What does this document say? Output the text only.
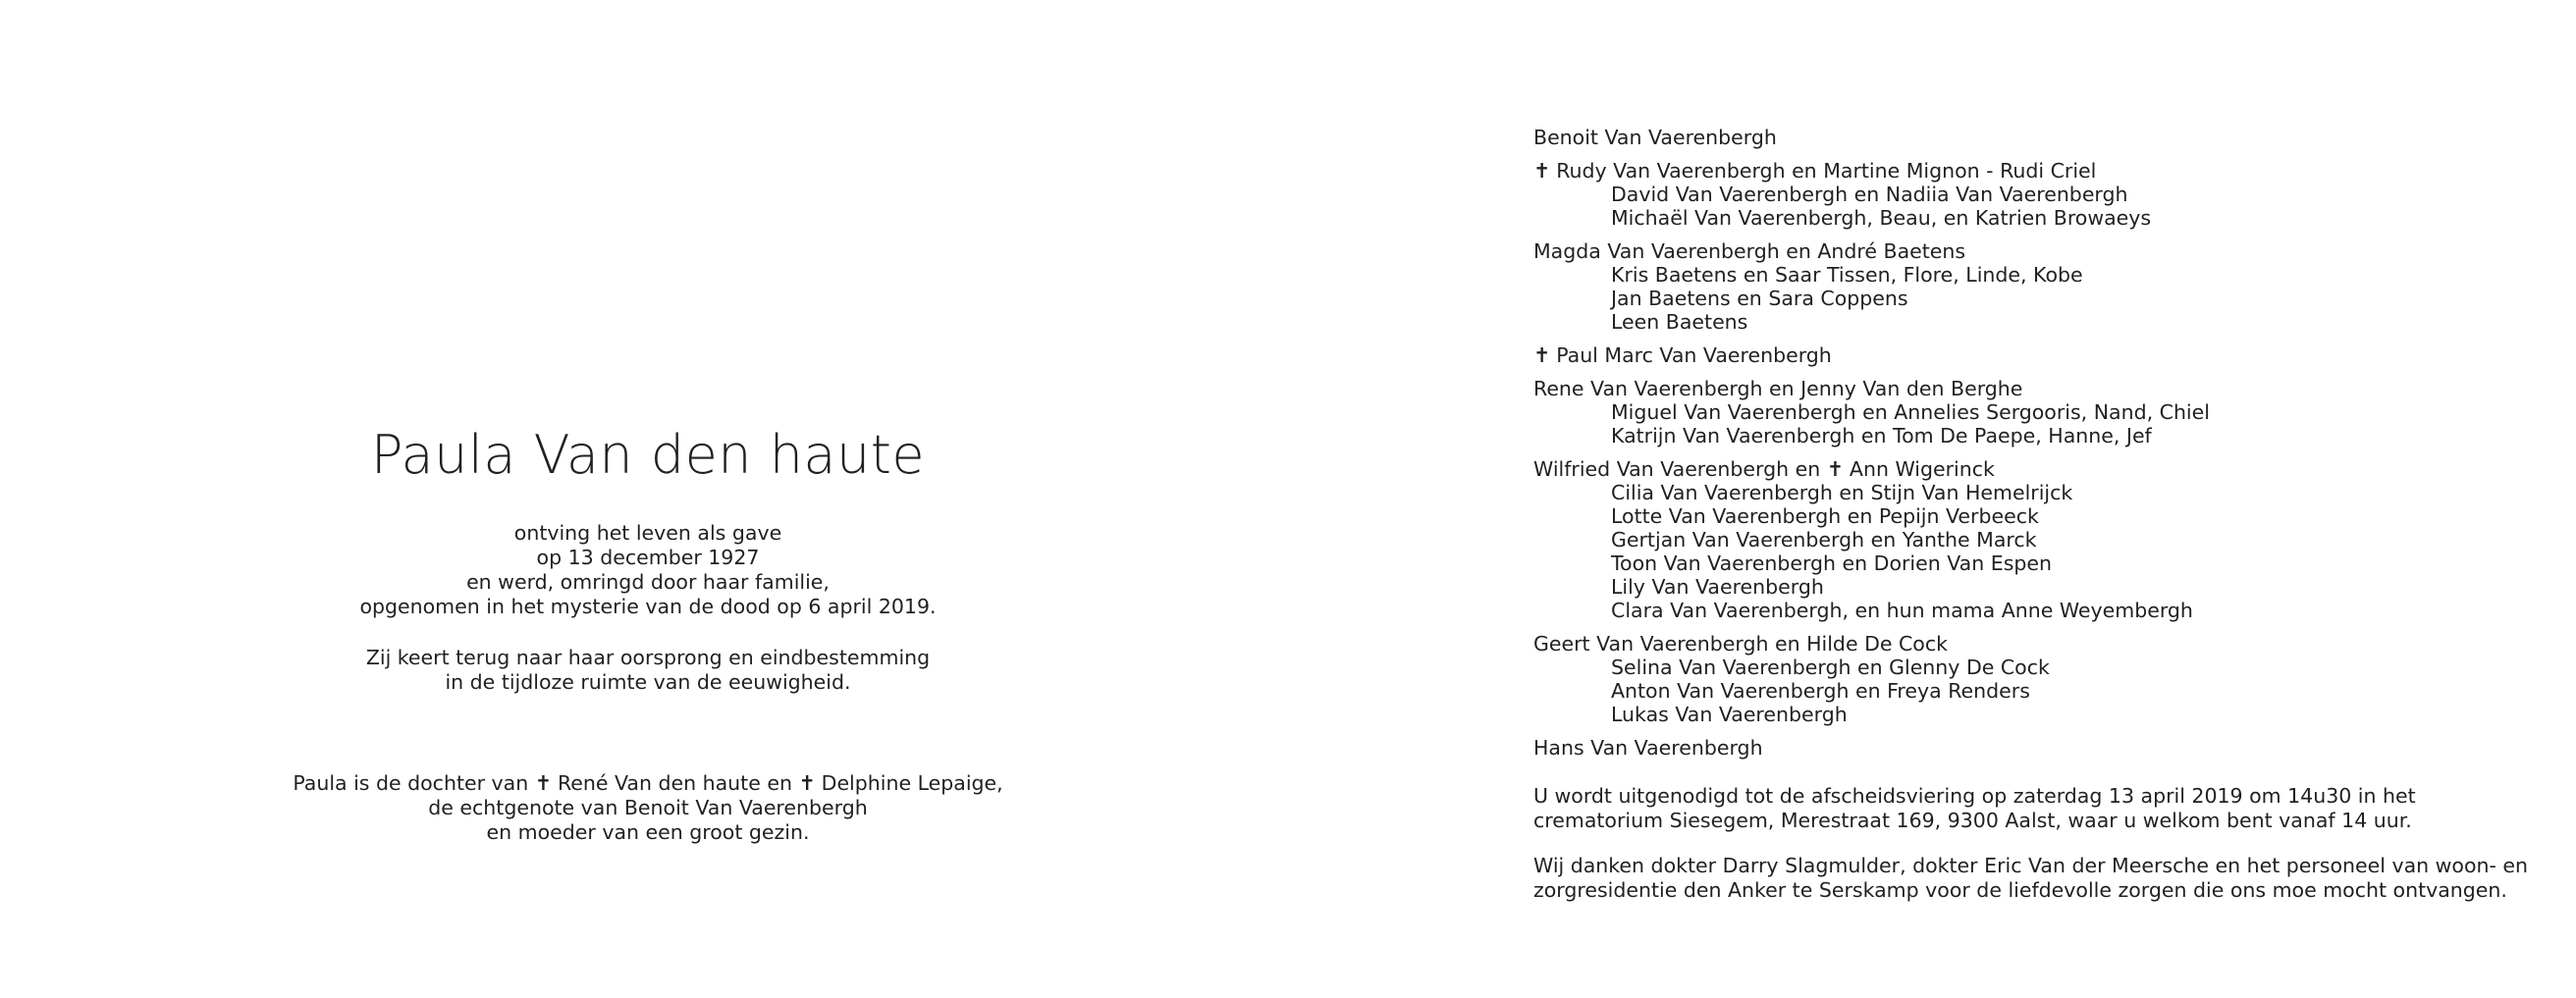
Paula Van den haute
ontving het leven als gave
op 13 december 1927
en werd, omringd door haar familie,
opgenomen in het mysterie van de dood op 6 april 2019.
Zij keert terug naar haar oorsprong en eindbestemming
in de tijdloze ruimte van de eeuwigheid.
Paula is de dochter van ✝ René Van den haute en ✝ Delphine Lepaige,
de echtgenote van Benoit Van Vaerenbergh
en moeder van een groot gezin.
Benoit Van Vaerenbergh
✝ Rudy Van Vaerenbergh en Martine Mignon - Rudi Criel
David Van Vaerenbergh en Nadiia Van Vaerenbergh
Michaël Van Vaerenbergh, Beau, en Katrien Browaeys
Magda Van Vaerenbergh en André Baetens
Kris Baetens en Saar Tissen, Flore, Linde, Kobe
Jan Baetens en Sara Coppens
Leen Baetens
✝ Paul Marc Van Vaerenbergh
Rene Van Vaerenbergh en Jenny Van den Berghe
Miguel Van Vaerenbergh en Annelies Sergooris, Nand, Chiel
Katrijn Van Vaerenbergh en Tom De Paepe, Hanne, Jef
Wilfried Van Vaerenbergh en ✝ Ann Wigerinck
Cilia Van Vaerenbergh en Stijn Van Hemelrijck
Lotte Van Vaerenbergh en Pepijn Verbeeck
Gertjan Van Vaerenbergh en Yanthe Marck
Toon Van Vaerenbergh en Dorien Van Espen
Lily Van Vaerenbergh
Clara Van Vaerenbergh, en hun mama Anne Weyembergh
Geert Van Vaerenbergh en Hilde De Cock
Selina Van Vaerenbergh en Glenny De Cock
Anton Van Vaerenbergh en Freya Renders
Lukas Van Vaerenbergh
Hans Van Vaerenbergh
U wordt uitgenodigd tot de afscheidsviering op zaterdag 13 april 2019 om 14u30 in het
crematorium Siesegem, Merestraat 169, 9300 Aalst, waar u welkom bent vanaf 14 uur.
Wij danken dokter Darry Slagmulder, dokter Eric Van der Meersche en het personeel van woon- en
zorgresidentie den Anker te Serskamp voor de liefdevolle zorgen die ons moe mocht ontvangen.
